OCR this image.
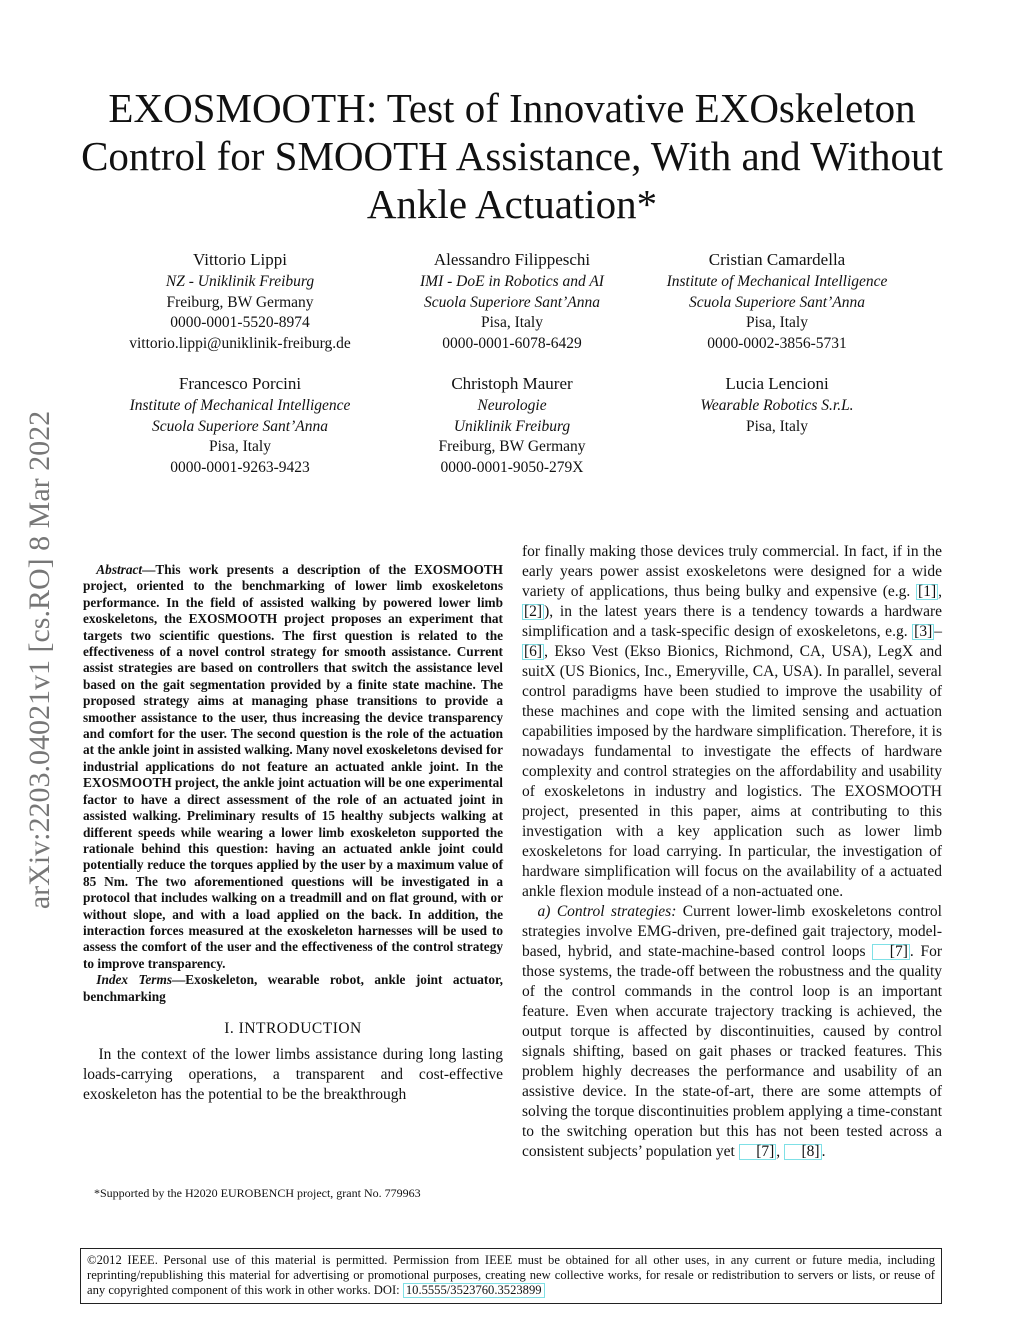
EXOSMOOTH: Test of Innovative EXOskeleton Control for SMOOTH Assistance, With and Without Ankle Actuation*
arXiv:2203.04021v1 [cs.RO] 8 Mar 2022
Vittorio Lippi
NZ - Uniklinik Freiburg
Freiburg, BW Germany
0000-0001-5520-8974
vittorio.lippi@uniklinik-freiburg.de
Alessandro Filippeschi
IMI - DoE in Robotics and AI
Scuola Superiore Sant’Anna
Pisa, Italy
0000-0001-6078-6429
Cristian Camardella
Institute of Mechanical Intelligence
Scuola Superiore Sant’Anna
Pisa, Italy
0000-0002-3856-5731
Francesco Porcini
Institute of Mechanical Intelligence
Scuola Superiore Sant’Anna
Pisa, Italy
0000-0001-9263-9423
Christoph Maurer
Neurologie
Uniklinik Freiburg
Freiburg, BW Germany
0000-0001-9050-279X
Lucia Lencioni
Wearable Robotics S.r.L.
Pisa, Italy

Abstract—This work presents a description of the EXOSMOOTH project, oriented to the benchmarking of lower limb exoskeletons performance. In the field of assisted walking by powered lower limb exoskeletons, the EXOSMOOTH project proposes an experiment that targets two scientific questions. The first question is related to the effectiveness of a novel control strategy for smooth assistance. Current assist strategies are based on controllers that switch the assistance level based on the gait segmentation provided by a finite state machine. The proposed strategy aims at managing phase transitions to provide a smoother assistance to the user, thus increasing the device transparency and comfort for the user. The second question is the role of the actuation at the ankle joint in assisted walking. Many novel exoskeletons devised for industrial applications do not feature an actuated ankle joint. In the EXOSMOOTH project, the ankle joint actuation will be one experimental factor to have a direct assessment of the role of an actuated joint in assisted walking. Preliminary results of 15 healthy subjects walking at different speeds while wearing a lower limb exoskeleton supported the rationale behind this question: having an actuated ankle joint could potentially reduce the torques applied by the user by a maximum value of 85 Nm. The two aforementioned questions will be investigated in a protocol that includes walking on a treadmill and on flat ground, with or without slope, and with a load applied on the back. In addition, the interaction forces measured at the exoskeleton harnesses will be used to assess the comfort of the user and the effectiveness of the control strategy to improve transparency.

Index Terms—Exoskeleton, wearable robot, ankle joint actuator, benchmarking

I. INTRODUCTION

In the context of the lower limbs assistance during long lasting loads-carrying operations, a transparent and cost-effective exoskeleton has the potential to be the breakthrough

*Supported by the H2020 EUROBENCH project, grant No. 779963

for finally making those devices truly commercial. In fact, if in the early years power assist exoskeletons were designed for a wide variety of applications, thus being bulky and expensive (e.g. [1] , [2] ), in the latest years there is a tendency towards a hardware simplification and a task-specific design of exoskeletons, e.g. [3] –[6] , Ekso Vest (Ekso Bionics, Richmond, CA, USA), LegX and suitX (US Bionics, Inc., Emeryville, CA, USA). In parallel, several control paradigms have been studied to improve the usability of these machines and cope with the limited sensing and actuation capabilities imposed by the hardware simplification. Therefore, it is nowadays fundamental to investigate the effects of hardware complexity and control strategies on the affordability and usability of exoskeletons in industry and logistics. The EXOSMOOTH project, presented in this paper, aims at contributing to this investigation with a key application such as lower limb exoskeletons for load carrying. In particular, the investigation of hardware simplification will focus on the availability of a actuated ankle flexion module instead of a non-actuated one.

a) Control strategies: Current lower-limb exoskeletons control strategies involve EMG-driven, pre-defined gait trajectory, model-based, hybrid, and state-machine-based control loops [7] . For those systems, the trade-off between the robustness and the quality of the control commands in the control loop is an important feature. Even when accurate trajectory tracking is achieved, the output torque is affected by discontinuities, caused by control signals shifting, based on gait phases or tracked features. This problem highly decreases the performance and usability of an assistive device. In the state-of-art, there are some attempts of solving the torque discontinuities problem applying a time-constant to the switching operation but this has not been tested across a consistent subjects’ population yet [7] , [8] .

©2012 IEEE. Personal use of this material is permitted. Permission from IEEE must be obtained for all other uses, in any current or future media, including reprinting/republishing this material for advertising or promotional purposes, creating new collective works, for resale or redistribution to servers or lists, or reuse of any copyrighted component of this work in other works. DOI: 10.5555/3523760.3523899
